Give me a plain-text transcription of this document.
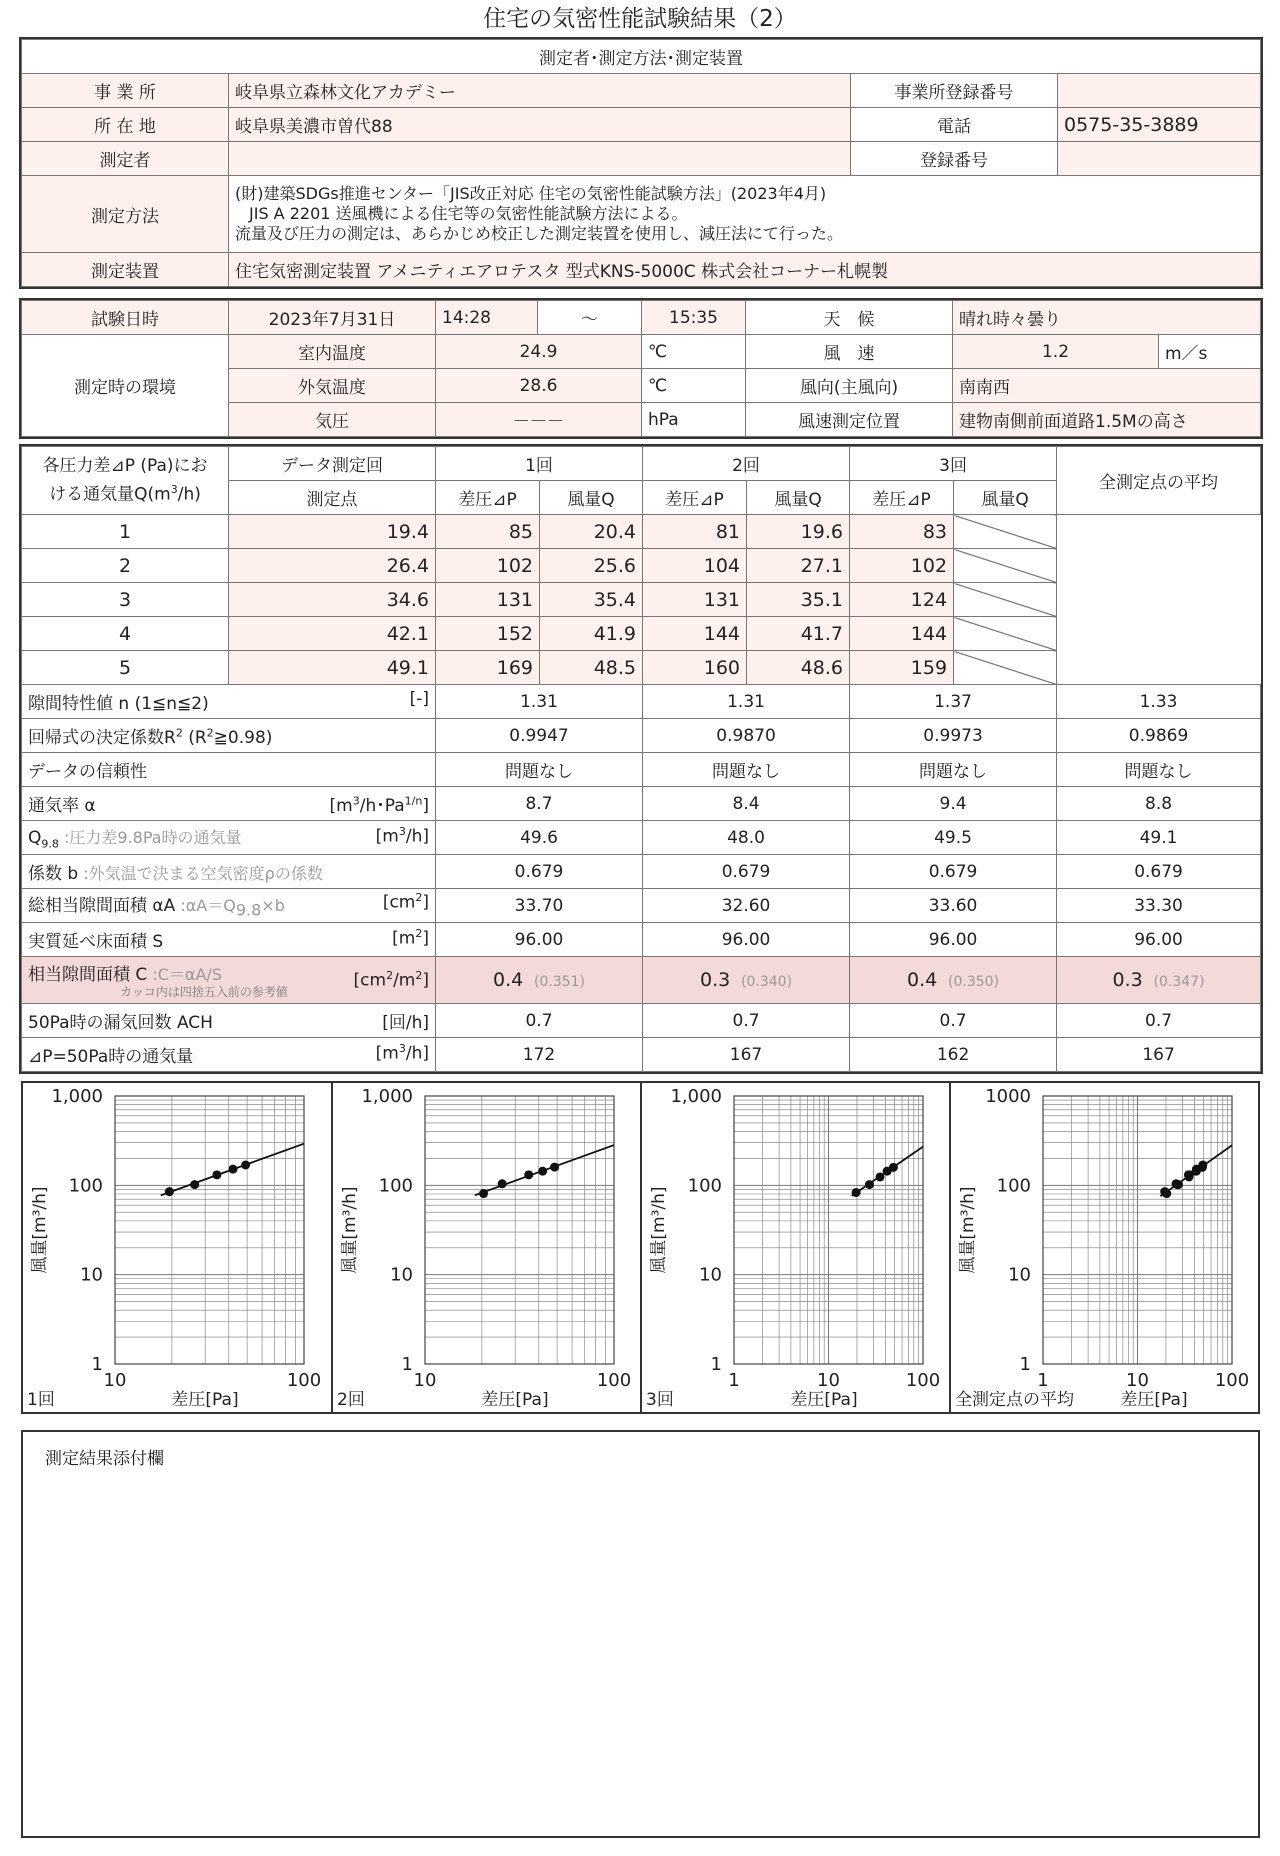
住宅の気密性能試験結果（2）
測定者･測定方法･測定装置			
事 業 所	岐阜県立森林文化アカデミー	事業所登録番号	
所 在 地	岐阜県美濃市曽代88	電話	0575-35-3889
測定者		登録番号	
測定方法	(財)建築SDGs推進センター「JIS改正対応 住宅の気密性能試験方法」(2023年4月)
JIS A 2201 送風機による住宅等の気密性能試験方法による。
流量及び圧力の測定は、あらかじめ校正した測定装置を使用し、減圧法にて行った。		

測定装置	住宅気密測定装置 アメニティエアロテスタ 型式KNS-5000C 株式会社コーナー札幌製		
試験日時	2023年7月31日	14:28	～	15:35	天　候	晴れ時々曇り	
測定時の環境	室内温度	24.9		℃	風　速	1.2	m／s
	外気温度	28.6		℃	風向(主風向)	南南西	
	気圧	－－－		hPa	風速測定位置	建物南側前面道路1.5Mの高さ	
各圧力差⊿P (Pa)にお
ける通気量$Q(m^3/h)$	データ測定回	1回		2回		3回		全測定点の平均
	測定点	差圧⊿P	風量Q	差圧⊿P	風量Q	差圧⊿P	風量Q	
1	19.4	85	20.4	81	19.6	83		
2	26.4	102	25.6	104	27.1	102		
3	34.6	131	35.4	131	35.1	124		
4	42.1	152	41.9	144	41.7	144		
5	49.1	169	48.5	160	48.6	159		
隙間特性値 n (1≦n≦2) [-]		1.31		1.31		1.37		1.33
回帰式の決定係数$R^2$ $(R^2≧0.98)$		0.9947		0.9870		0.9973		0.9869
データの信頼性		問題なし		問題なし		問題なし		問題なし
通気率 α [$m^3/h$･$Pa^{1/n}$]		8.7		8.4		9.4		8.8
$Q_{9.8}$ :圧力差9.8Pa時の通気量 $[m^3/h]$		49.6		48.0		49.5		49.1
係数 b :外気温で決まる空気密度ρの係数		0.679		0.679		0.679		0.679
総相当隙間面積 αA $:\alpha A=Q_{9.8}\times b$ $[cm^2]$		33.70		32.60		33.60		33.30
実質延べ床面積 S $[m^2]$		96.00		96.00		96.00		96.00

相当隙間面積 C :C＝αA/S
カッコ内は四捨五入前の参考値
$[cm^2/m^2]$		0.4 (0.351)		0.3 (0.340)		0.4 (0.350)		0.3 (0.347)
50Pa時の漏気回数 ACH [回/h]		0.7		0.7		0.7		0.7
⊿P=50Pa時の通気量 $[m^3/h]$		172		167		162		167
1
10
100
1,000
10	100
風量[m³/h]
差圧[Pa]
1回
1
10
100
1,000
10	100
風量[m³/h]
差圧[Pa]
2回
1
10
100
1,000
1	10	100
風量[m³/h]
差圧[Pa]
3回
1
10
100
1000
1	10	100
風量[m³/h]
差圧[Pa]
全測定点の平均
測定結果添付欄
